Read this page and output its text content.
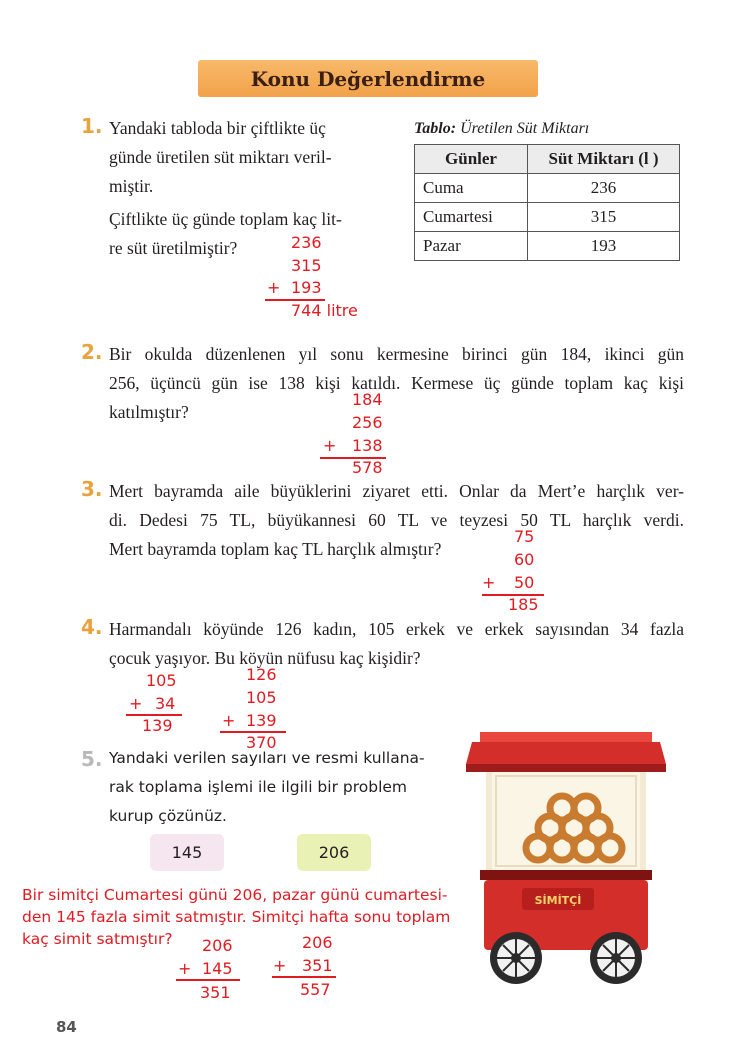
Konu Değerlendirme
1. Yandaki tabloda bir çiftlikte üç
günde üretilen süt miktarı veril-
miştir.
Çiftlikte üç günde toplam kaç lit-
re süt üretilmiştir?
Tablo: Üretilen Süt Miktarı
Günler	Süt Miktarı (l )
Cuma	236
Cumartesi	315
Pazar	193
236
315
+ 193
744 litre
2. Bir okulda düzenlenen yıl sonu kermesine birinci gün 184, ikinci gün
256, üçüncü gün ise 138 kişi katıldı. Kermese üç günde toplam kaç kişi
katılmıştır?
184
256
+ 138
578
3. Mert bayramda aile büyüklerini ziyaret etti. Onlar da Mert’e harçlık ver-
di. Dedesi 75 TL, büyükannesi 60 TL ve teyzesi 50 TL harçlık verdi.
Mert bayramda toplam kaç TL harçlık almıştır?
75
60
+ 50
185
4. Harmandalı köyünde 126 kadın, 105 erkek ve erkek sayısından 34 fazla
çocuk yaşıyor. Bu köyün nüfusu kaç kişidir?
105
+ 34
139
126
105
+ 139
370
5. Yandaki verilen sayıları ve resmi kullana-
rak toplama işlemi ile ilgili bir problem
kurup çözünüz.
145	206
SİMİTÇİ
Bir simitçi Cumartesi günü 206, pazar günü cumartesi-
den 145 fazla simit satmıştır. Simitçi hafta sonu toplam
kaç simit satmıştır?	206
+ 145
351
206
+ 351
557
84
